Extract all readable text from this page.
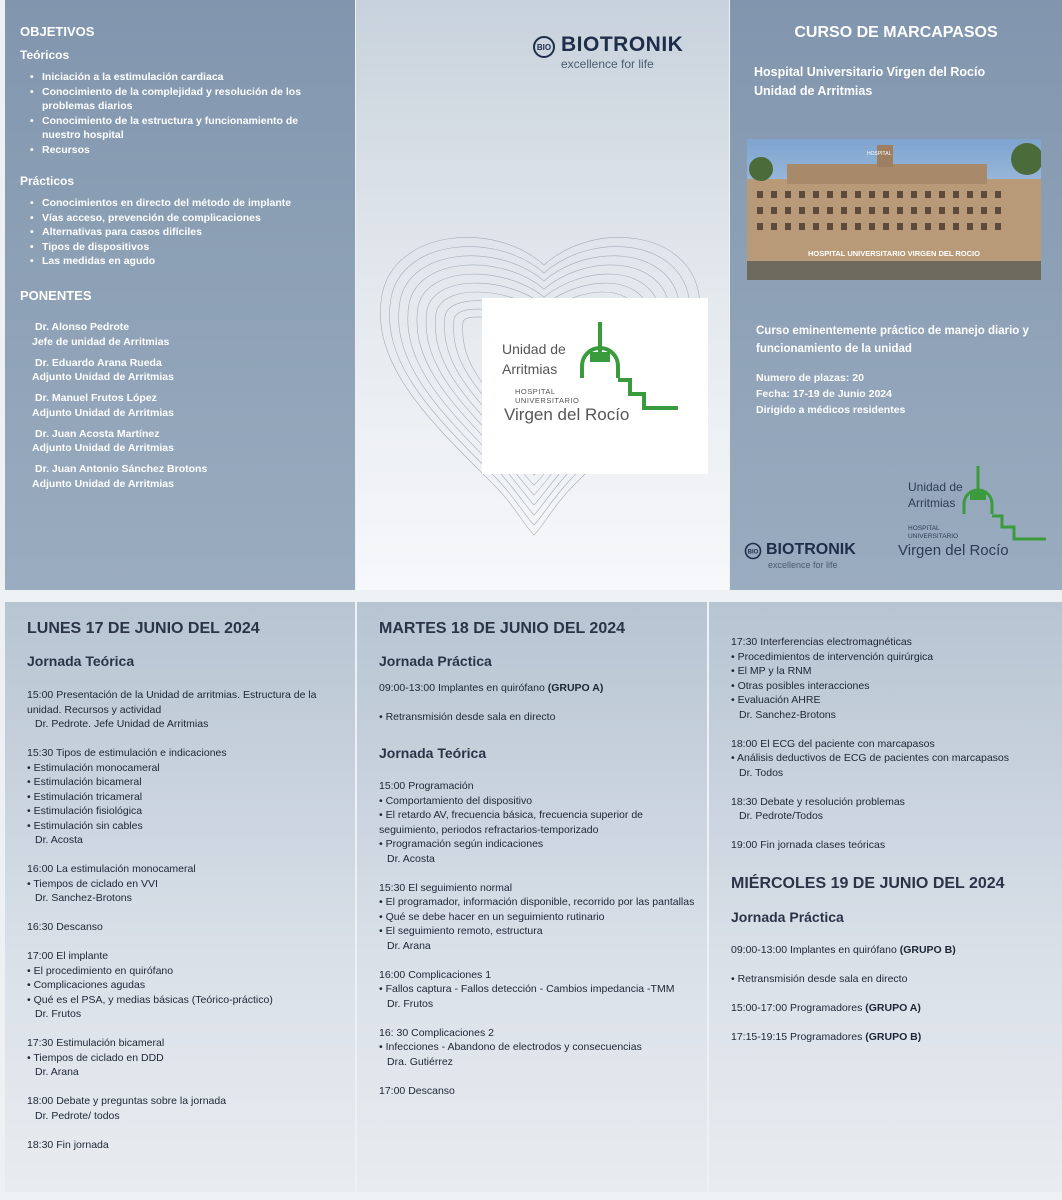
OBJETIVOS
Teóricos
• Iniciación a la estimulación cardiaca
• Conocimiento de la complejidad y resolución de los problemas diarios
• Conocimiento de la estructura y funcionamiento de nuestro hospital
• Recursos
Prácticos
• Conocimientos en directo del método de implante
• Vías acceso, prevención de complicaciones
• Alternativas para casos difíciles
• Tipos de dispositivos
• Las medidas en agudo
PONENTES
Dr. Alonso Pedrote
Jefe de unidad de Arritmias
Dr. Eduardo Arana Rueda
Adjunto Unidad de Arritmias
Dr. Manuel Frutos López
Adjunto Unidad de Arritmias
Dr. Juan Acosta Martínez
Adjunto Unidad de Arritmias
Dr. Juan Antonio Sánchez Brotons
Adjunto Unidad de Arritmias
BIO BIOTRONIK
excellence for life
Unidad de
Arritmias
HOSPITAL
UNIVERSITARIO
Virgen del Rocío
CURSO DE MARCAPASOS
Hospital Universitario Virgen del Rocío
Unidad de Arritmias
HOSPITAL
HOSPITAL UNIVERSITARIO VIRGEN DEL ROCIO
Curso eminentemente práctico de manejo diario y funcionamiento de la unidad
Numero de plazas: 20
Fecha: 17-19 de Junio 2024
Dirigido a médicos residentes
Unidad de
Arritmias
HOSPITAL
UNIVERSITARIO
Virgen del Rocío
BIO BIOTRONIK
excellence for life
LUNES 17 DE JUNIO DEL 2024
Jornada Teórica
15:00 Presentación de la Unidad de arritmias. Estructura de la unidad. Recursos y actividad
Dr. Pedrote. Jefe Unidad de Arritmias
15:30 Tipos de estimulación e indicaciones
• Estimulación monocameral
• Estimulación bicameral
• Estimulación tricameral
• Estimulación fisiológica
• Estimulación sin cables
Dr. Acosta
16:00 La estimulación monocameral
• Tiempos de ciclado en VVI
Dr. Sanchez-Brotons
16:30 Descanso
17:00 El implante
• El procedimiento en quirófano
• Complicaciones agudas
• Qué es el PSA, y medias básicas (Teórico-práctico)
Dr. Frutos
17:30 Estimulación bicameral
• Tiempos de ciclado en DDD
Dr. Arana
18:00 Debate y preguntas sobre la jornada
Dr. Pedrote/ todos
18:30 Fin jornada
MARTES 18 DE JUNIO DEL 2024
Jornada Práctica
09:00-13:00 Implantes en quirófano (GRUPO A)
• Retransmisión desde sala en directo
Jornada Teórica
15:00 Programación
• Comportamiento del dispositivo
• El retardo AV, frecuencia básica, frecuencia superior de seguimiento, periodos refractarios-temporizado
• Programación según indicaciones
Dr. Acosta
15:30 El seguimiento normal
• El programador, información disponible, recorrido por las pantallas
• Qué se debe hacer en un seguimiento rutinario
• El seguimiento remoto, estructura
Dr. Arana
16:00 Complicaciones 1
• Fallos captura - Fallos detección - Cambios impedancia -TMM
Dr. Frutos
16: 30 Complicaciones 2
• Infecciones - Abandono de electrodos y consecuencias
Dra. Gutiérrez
17:00 Descanso
17:30 Interferencias electromagnéticas
• Procedimientos de intervención quirúrgica
• El MP y la RNM
• Otras posibles interacciones
• Evaluación AHRE
Dr. Sanchez-Brotons
18:00 El ECG del paciente con marcapasos
• Análisis deductivos de ECG de pacientes con marcapasos
Dr. Todos
18:30 Debate y resolución problemas
Dr. Pedrote/Todos
19:00 Fin jornada clases teóricas
MIÉRCOLES 19 DE JUNIO DEL 2024
Jornada Práctica
09:00-13:00 Implantes en quirófano (GRUPO B)
• Retransmisión desde sala en directo
15:00-17:00 Programadores (GRUPO A)
17:15-19:15 Programadores (GRUPO B)
